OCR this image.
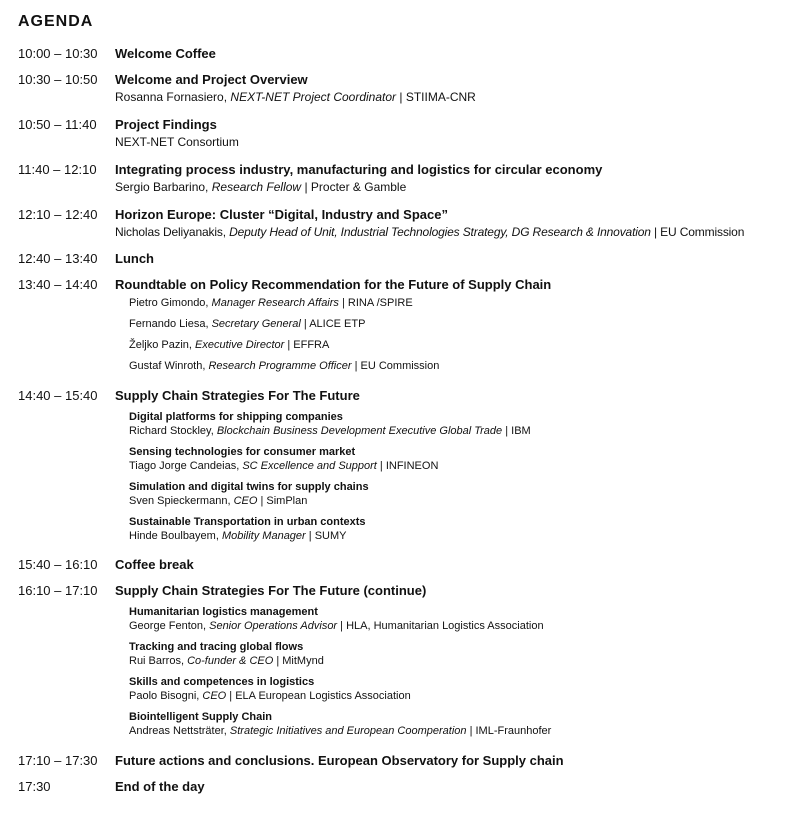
AGENDA
10:00 – 10:30 Welcome Coffee
10:30 – 10:50 Welcome and Project Overview
Rosanna Fornasiero, NEXT-NET Project Coordinator | STIIMA-CNR
10:50 – 11:40 Project Findings
NEXT-NET Consortium
11:40 – 12:10 Integrating process industry, manufacturing and logistics for circular economy
Sergio Barbarino, Research Fellow | Procter & Gamble
12:10 – 12:40 Horizon Europe: Cluster “Digital, Industry and Space”
Nicholas Deliyanakis, Deputy Head of Unit, Industrial Technologies Strategy, DG Research & Innovation | EU Commission
12:40 – 13:40 Lunch
13:40 – 14:40 Roundtable on Policy Recommendation for the Future of Supply Chain
Pietro Gimondo, Manager Research Affairs | RINA /SPIRE
Fernando Liesa, Secretary General | ALICE ETP
Željko Pazin, Executive Director | EFFRA
Gustaf Winroth, Research Programme Officer | EU Commission
14:40 – 15:40 Supply Chain Strategies For The Future
Digital platforms for shipping companies
Richard Stockley, Blockchain Business Development Executive Global Trade | IBM
Sensing technologies for consumer market
Tiago Jorge Candeias, SC Excellence and Support | INFINEON
Simulation and digital twins for supply chains
Sven Spieckermann, CEO | SimPlan
Sustainable Transportation in urban contexts
Hinde Boulbayem, Mobility Manager | SUMY
15:40 – 16:10 Coffee break
16:10 – 17:10 Supply Chain Strategies For The Future (continue)
Humanitarian logistics management
George Fenton, Senior Operations Advisor | HLA, Humanitarian Logistics Association
Tracking and tracing global flows
Rui Barros, Co-funder & CEO | MitMynd
Skills and competences in logistics
Paolo Bisogni, CEO | ELA European Logistics Association
Biointelligent Supply Chain
Andreas Nettsträter, Strategic Initiatives and European Coomperation | IML-Fraunhofer
17:10 – 17:30 Future actions and conclusions. European Observatory for Supply chain
17:30	End of the day
